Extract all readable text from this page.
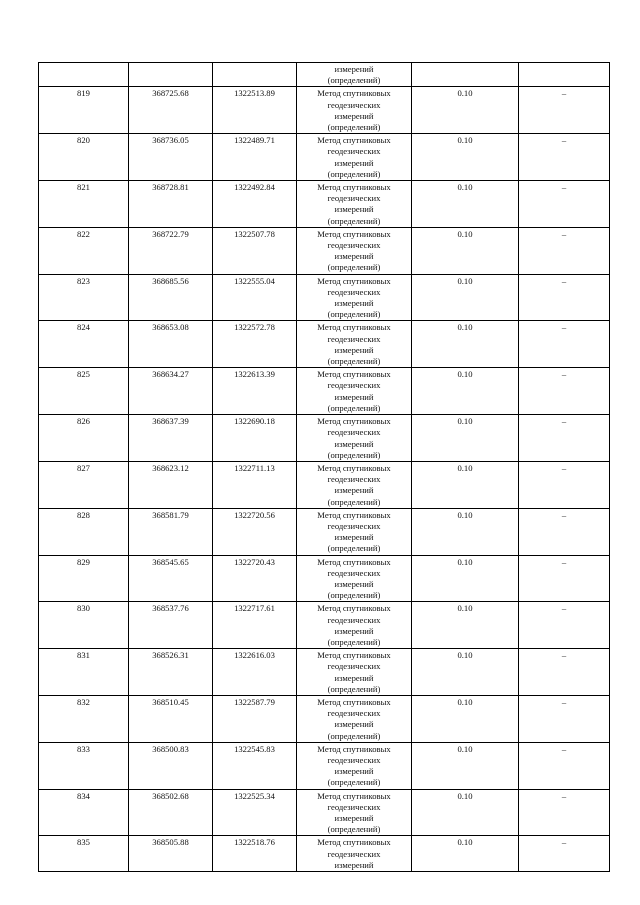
			измерений
(определений)		

819	368725.68	1322513.89	Метод спутниковых
геодезических
измерений
(определений)	0.10	–
820	368736.05	1322489.71	Метод спутниковых
геодезических
измерений
(определений)	0.10	–
821	368728.81	1322492.84	Метод спутниковых
геодезических
измерений
(определений)	0.10	–
822	368722.79	1322507.78	Метод спутниковых
геодезических
измерений
(определений)	0.10	–
823	368685.56	1322555.04	Метод спутниковых
геодезических
измерений
(определений)	0.10	–
824	368653.08	1322572.78	Метод спутниковых
геодезических
измерений
(определений)	0.10	–
825	368634.27	1322613.39	Метод спутниковых
геодезических
измерений
(определений)	0.10	–
826	368637.39	1322690.18	Метод спутниковых
геодезических
измерений
(определений)	0.10	–
827	368623.12	1322711.13	Метод спутниковых
геодезических
измерений
(определений)	0.10	–
828	368581.79	1322720.56	Метод спутниковых
геодезических
измерений
(определений)	0.10	–
829	368545.65	1322720.43	Метод спутниковых
геодезических
измерений
(определений)	0.10	–
830	368537.76	1322717.61	Метод спутниковых
геодезических
измерений
(определений)	0.10	–
831	368526.31	1322616.03	Метод спутниковых
геодезических
измерений
(определений)	0.10	–
832	368510.45	1322587.79	Метод спутниковых
геодезических
измерений
(определений)	0.10	–
833	368500.83	1322545.83	Метод спутниковых
геодезических
измерений
(определений)	0.10	–
834	368502.68	1322525.34	Метод спутниковых
геодезических
измерений
(определений)	0.10	–
835	368505.88	1322518.76	Метод спутниковых
геодезических
измерений	0.10	–
